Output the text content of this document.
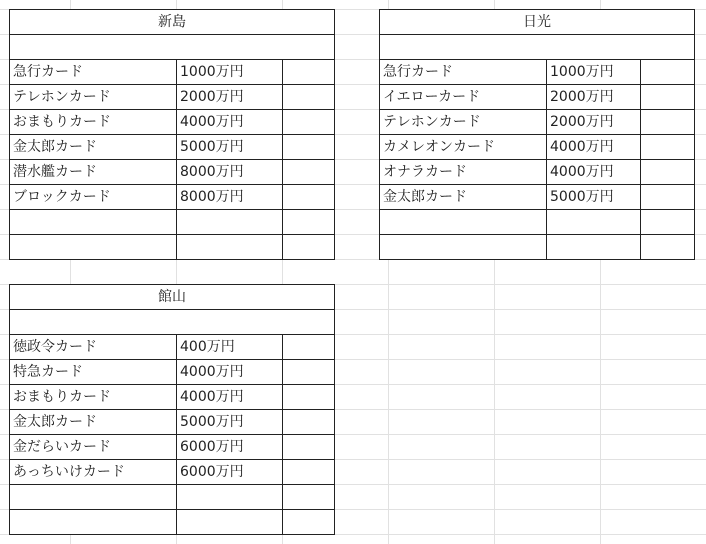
新島		

急行カード	1000万円	
テレホンカード	2000万円	
おまもりカード	4000万円	
金太郎カード	5000万円	
潜水艦カード	8000万円	
ブロックカード	8000万円	

日光		

急行カード	1000万円	
イエローカード	2000万円	
テレホンカード	2000万円	
カメレオンカード	4000万円	
オナラカード	4000万円	
金太郎カード	5000万円	

館山		

徳政令カード	400万円	
特急カード	4000万円	
おまもりカード	4000万円	
金太郎カード	5000万円	
金だらいカード	6000万円	
あっちいけカード	6000万円	
